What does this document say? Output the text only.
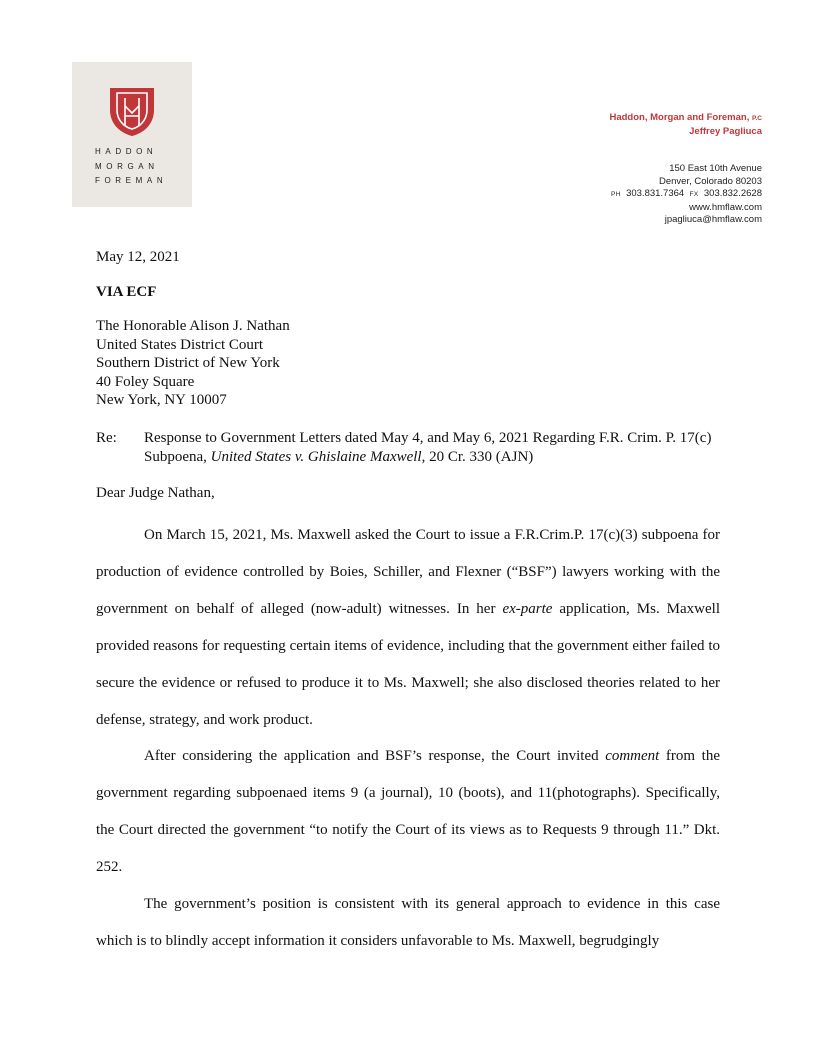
HMF
HADDON
MORGAN
FOREMAN
Haddon, Morgan and Foreman, P.C
Jeffrey Pagliuca
150 East 10th Avenue
Denver, Colorado 80203
PH 303.831.7364 FX 303.832.2628
www.hmflaw.com
jpagliuca@hmflaw.com
May 12, 2021
VIA ECF
The Honorable Alison J. Nathan
United States District Court
Southern District of New York
40 Foley Square
New York, NY 10007
Re: Response to Government Letters dated May 4, and May 6, 2021 Regarding F.R. Crim. P. 17(c) Subpoena, United States v. Ghislaine Maxwell, 20 Cr. 330 (AJN)
Dear Judge Nathan,

On March 15, 2021, Ms. Maxwell asked the Court to issue a F.R.Crim.P. 17(c)(3) subpoena for production of evidence controlled by Boies, Schiller, and Flexner (“BSF”) lawyers working with the government on behalf of alleged (now-adult) witnesses. In her ex-parte application, Ms. Maxwell provided reasons for requesting certain items of evidence, including that the government either failed to secure the evidence or refused to produce it to Ms. Maxwell; she also disclosed theories related to her defense, strategy, and work product.

After considering the application and BSF’s response, the Court invited comment from the government regarding subpoenaed items 9 (a journal), 10 (boots), and 11(photographs). Specifically, the Court directed the government “to notify the Court of its views as to Requests 9 through 11.” Dkt. 252.

The government’s position is consistent with its general approach to evidence in this case which is to blindly accept information it considers unfavorable to Ms. Maxwell, begrudgingly
